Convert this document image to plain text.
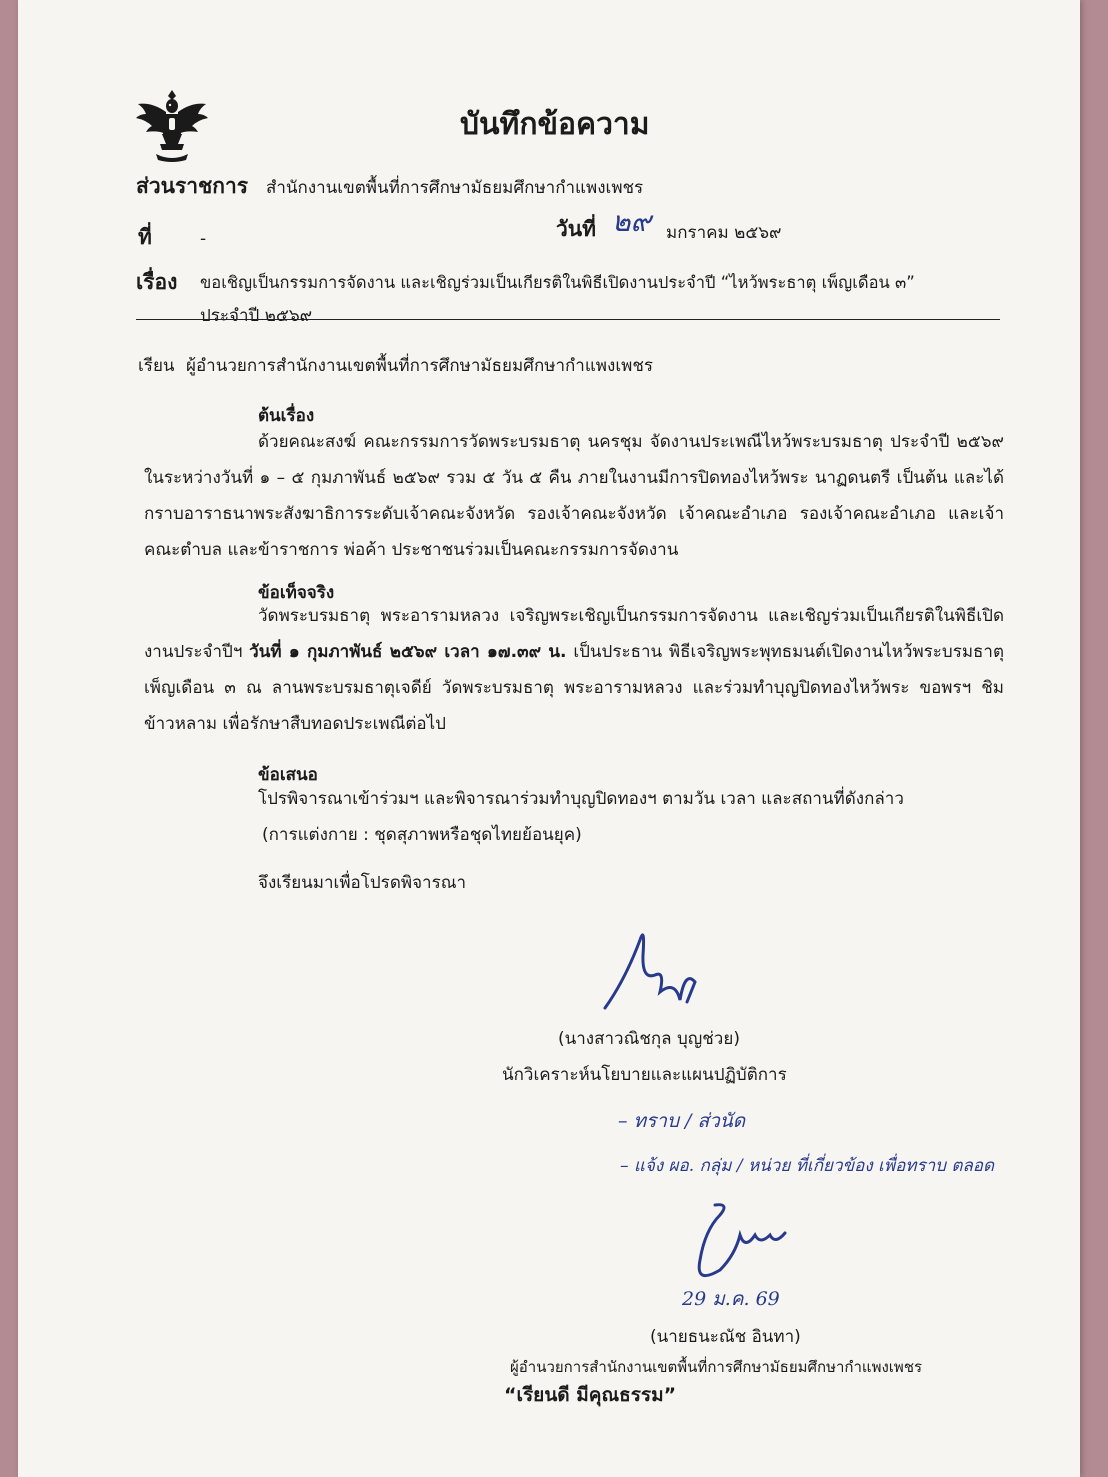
บันทึกข้อความ
ส่วนราชการ สำนักงานเขตพื้นที่การศึกษามัธยมศึกษากำแพงเพชร
ที่	-	วันที่ ๒๙ มกราคม ๒๕๖๙
เรื่อง ขอเชิญเป็นกรรมการจัดงาน และเชิญร่วมเป็นเกียรติในพิธีเปิดงานประจำปี “ไหว้พระธาตุ เพ็ญเดือน ๓”
ประจำปี ๒๕๖๙
เรียน ผู้อำนวยการสำนักงานเขตพื้นที่การศึกษามัธยมศึกษากำแพงเพชร
ต้นเรื่อง
ด้วยคณะสงฆ์ คณะกรรมการวัดพระบรมธาตุ นครชุม จัดงานประเพณีไหว้พระบรมธาตุ ประจำปี ๒๕๖๙ ในระหว่างวันที่ ๑ – ๕ กุมภาพันธ์ ๒๕๖๙ รวม ๕ วัน ๕ คืน ภายในงานมีการปิดทองไหว้พระ นาฏดนตรี เป็นต้น และได้กราบอาราธนาพระสังฆาธิการระดับเจ้าคณะจังหวัด รองเจ้าคณะจังหวัด เจ้าคณะอำเภอ รองเจ้าคณะอำเภอ และเจ้าคณะตำบล และข้าราชการ พ่อค้า ประชาชนร่วมเป็นคณะกรรมการจัดงาน
ข้อเท็จจริง
วัดพระบรมธาตุ พระอารามหลวง เจริญพระเชิญเป็นกรรมการจัดงาน และเชิญร่วมเป็นเกียรติในพิธีเปิดงานประจำปีฯ วันที่ ๑ กุมภาพันธ์ ๒๕๖๙ เวลา ๑๗.๓๙ น. เป็นประธาน พิธีเจริญพระพุทธมนต์เปิดงานไหว้พระบรมธาตุเพ็ญเดือน ๓ ณ ลานพระบรมธาตุเจดีย์ วัดพระบรมธาตุ พระอารามหลวง และร่วมทำบุญปิดทองไหว้พระ ขอพรฯ ชิมข้าวหลาม เพื่อรักษาสืบทอดประเพณีต่อไป
ข้อเสนอ
โปรพิจารณาเข้าร่วมฯ และพิจารณาร่วมทำบุญปิดทองฯ ตามวัน เวลา และสถานที่ดังกล่าว
(การแต่งกาย : ชุดสุภาพหรือชุดไทยย้อนยุค)
จึงเรียนมาเพื่อโปรดพิจารณา
(นางสาวณิชกุล บุญช่วย)
นักวิเคราะห์นโยบายและแผนปฏิบัติการ
– ทราบ / ส่วนัด
– แจ้ง ผอ. กลุ่ม / หน่วย ที่เกี่ยวข้อง เพื่อทราบ ตลอด
29 ม.ค. 69
(นายธนะณัช อินทา)
ผู้อำนวยการสำนักงานเขตพื้นที่การศึกษามัธยมศึกษากำแพงเพชร
“เรียนดี มีคุณธรรม”
